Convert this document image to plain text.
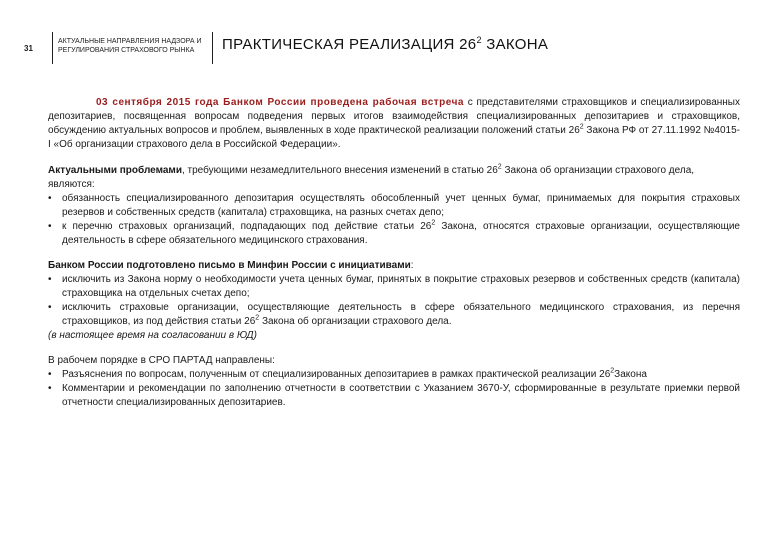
31
АКТУАЛЬНЫЕ НАПРАВЛЕНИЯ НАДЗОРА И РЕГУЛИРОВАНИЯ СТРАХОВОГО РЫНКА	ПРАКТИЧЕСКАЯ РЕАЛИЗАЦИЯ $26^2$ ЗАКОНА

03 сентября 2015 года Банком России проведена рабочая встреча с представителями страховщиков и специализированных депозитариев, посвященная вопросам подведения первых итогов взаимодействия специализированных депозитариев и страховщиков, обсуждению актуальных вопросов и проблем, выявленных в ходе практической реализации положений статьи $26^2$ Закона РФ от 27.11.1992 №4015-I «Об организации страхового дела в Российской Федерации».

Актуальными проблемами, требующими незамедлительного внесения изменений в статью $26^2$ Закона об организации страхового дела, являются:
• обязанность специализированного депозитария осуществлять обособленный учет ценных бумаг, принимаемых для покрытия страховых резервов и собственных средств (капитала) страховщика, на разных счетах депо;
• к перечню страховых организаций, подпадающих под действие статьи $26^2$ Закона, относятся страховые организации, осуществляющие деятельность в сфере обязательного медицинского страхования.
Банком России подготовлено письмо в Минфин России с инициативами:
• исключить из Закона норму о необходимости учета ценных бумаг, принятых в покрытие страховых резервов и собственных средств (капитала) страховщика на отдельных счетах депо;
• исключить страховые организации, осуществляющие деятельность в сфере обязательного медицинского страхования, из перечня страховщиков, из под действия статьи $26^2$ Закона об организации страхового дела.
(в настоящее время на согласовании в ЮД)
В рабочем порядке в СРО ПАРТАД направлены:
• Разъяснения по вопросам, полученным от специализированных депозитариев в рамках практической реализации $26^2Закона$
• Комментарии и рекомендации по заполнению отчетности в соответствии с Указанием 3670-У, сформированные в результате приемки первой отчетности специализированных депозитариев.
